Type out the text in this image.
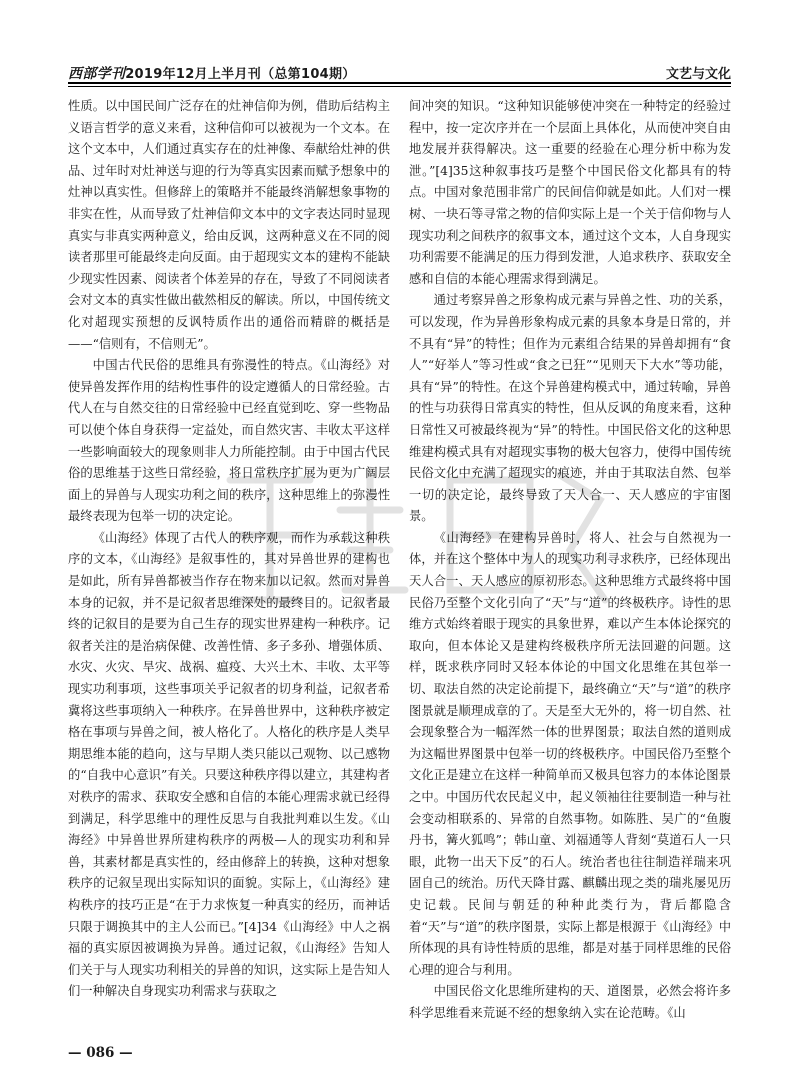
西部学刊2019年12月上半月刊（总第104期）	文艺与文化

性质。以中国民间广泛存在的灶神信仰为例，借助后结构主义语言哲学的意义来看，这种信仰可以被视为一个文本。在这个文本中，人们通过真实存在的灶神像、奉献给灶神的供品、过年时对灶神送与迎的行为等真实因素而赋予想象中的灶神以真实性。但修辞上的策略并不能最终消解想象事物的非实在性，从而导致了灶神信仰文本中的文字表达同时显现真实与非真实两种意义，给由反讽，这两种意义在不同的阅读者那里可能最终走向反面。由于超现实文本的建构不能缺少现实性因素、阅读者个体差异的存在，导致了不同阅读者会对文本的真实性做出截然相反的解读。所以，中国传统文化对超现实预想的反讽特质作出的通俗而精辟的概括是——“信则有，不信则无”。

中国古代民俗的思维具有弥漫性的特点。《山海经》对使异兽发挥作用的结构性事件的设定遵循人的日常经验。古代人在与自然交往的日常经验中已经直觉到吃、穿一些物品可以使个体自身获得一定益处，而自然灾害、丰收太平这样一些影响面较大的现象则非人力所能控制。由于中国古代民俗的思维基于这些日常经验，将日常秩序扩展为更为广阔层面上的异兽与人现实功利之间的秩序，这种思维上的弥漫性最终表现为包举一切的决定论。

《山海经》体现了古代人的秩序观，而作为承载这种秩序的文本，《山海经》是叙事性的，其对异兽世界的建构也是如此，所有异兽都被当作存在物来加以记叙。然而对异兽本身的记叙，并不是记叙者思维深处的最终目的。记叙者最终的记叙目的是要为自己生存的现实世界建构一种秩序。记叙者关注的是治病保健、改善性情、多子多孙、增强体质、水灾、火灾、旱灾、战祸、瘟疫、大兴土木、丰收、太平等现实功利事项，这些事项关乎记叙者的切身利益，记叙者希冀将这些事项纳入一种秩序。在异兽世界中，这种秩序被定格在事项与异兽之间，被人格化了。人格化的秩序是人类早期思维本能的趋向，这与早期人类只能以己观物、以己感物的“自我中心意识”有关。只要这种秩序得以建立，其建构者对秩序的需求、获取安全感和自信的本能心理需求就已经得到满足，科学思维中的理性反思与自我批判难以生发。《山海经》中异兽世界所建构秩序的两极—人的现实功利和异兽，其素材都是真实性的，经由修辞上的转换，这种对想象秩序的记叙呈现出实际知识的面貌。实际上，《山海经》建构秩序的技巧正是“在于力求恢复一种真实的经历，而神话只限于调换其中的主人公而已。”[4]34《山海经》中人之祸福的真实原因被调换为异兽。通过记叙，《山海经》告知人们关于与人现实功利相关的异兽的知识，这实际上是告知人们一种解决自身现实功利需求与获取之

间冲突的知识。“这种知识能够使冲突在一种特定的经验过程中，按一定次序并在一个层面上具体化，从而使冲突自由地发展并获得解决。这一重要的经验在心理分析中称为发泄。”[4]35这种叙事技巧是整个中国民俗文化都具有的特点。中国对象范围非常广的民间信仰就是如此。人们对一棵树、一块石等寻常之物的信仰实际上是一个关于信仰物与人现实功利之间秩序的叙事文本，通过这个文本，人自身现实功利需要不能满足的压力得到发泄，人追求秩序、获取安全感和自信的本能心理需求得到满足。

通过考察异兽之形象构成元素与异兽之性、功的关系，可以发现，作为异兽形象构成元素的具象本身是日常的，并不具有“异”的特性；但作为元素组合结果的异兽却拥有“食人”“好举人”等习性或“食之已狂”“见则天下大水”等功能，具有“异”的特性。在这个异兽建构模式中，通过转喻，异兽的性与功获得日常真实的特性，但从反讽的角度来看，这种日常性又可被最终视为“异”的特性。中国民俗文化的这种思维建构模式具有对超现实事物的极大包容力，使得中国传统民俗文化中充满了超现实的痕迹，并由于其取法自然、包举一切的决定论，最终导致了天人合一、天人感应的宇宙图景。

《山海经》在建构异兽时，将人、社会与自然视为一体，并在这个整体中为人的现实功利寻求秩序，已经体现出天人合一、天人感应的原初形态。这种思维方式最终将中国民俗乃至整个文化引向了“天”与“道”的终极秩序。诗性的思维方式始终着眼于现实的具象世界，难以产生本体论探究的取向，但本体论又是建构终极秩序所无法回避的问题。这样，既求秩序同时又轻本体论的中国文化思维在其包举一切、取法自然的决定论前提下，最终确立“天”与“道”的秩序图景就是顺理成章的了。天是至大无外的，将一切自然、社会现象整合为一幅浑然一体的世界图景；取法自然的道则成为这幅世界图景中包举一切的终极秩序。中国民俗乃至整个文化正是建立在这样一种简单而又极具包容力的本体论图景之中。中国历代农民起义中，起义领袖往往要制造一种与社会变动相联系的、异常的自然事物。如陈胜、吴广的“鱼腹丹书，篝火狐鸣”；韩山童、刘福通等人背刻“莫道石人一只眼，此物一出天下反”的石人。统治者也往往制造祥瑞来巩固自己的统治。历代天降甘露、麒麟出现之类的瑞兆屡见历史记载。民间与朝廷的种种此类行为，背后都隐含着“天”与“道”的秩序图景，实际上都是根源于《山海经》中所体现的具有诗性特质的思维，都是对基于同样思维的民俗心理的迎合与利用。

中国民俗文化思维所建构的天、道图景，必然会将许多科学思维看来荒诞不经的想象纳入实在论范畴。《山

— 086 —
